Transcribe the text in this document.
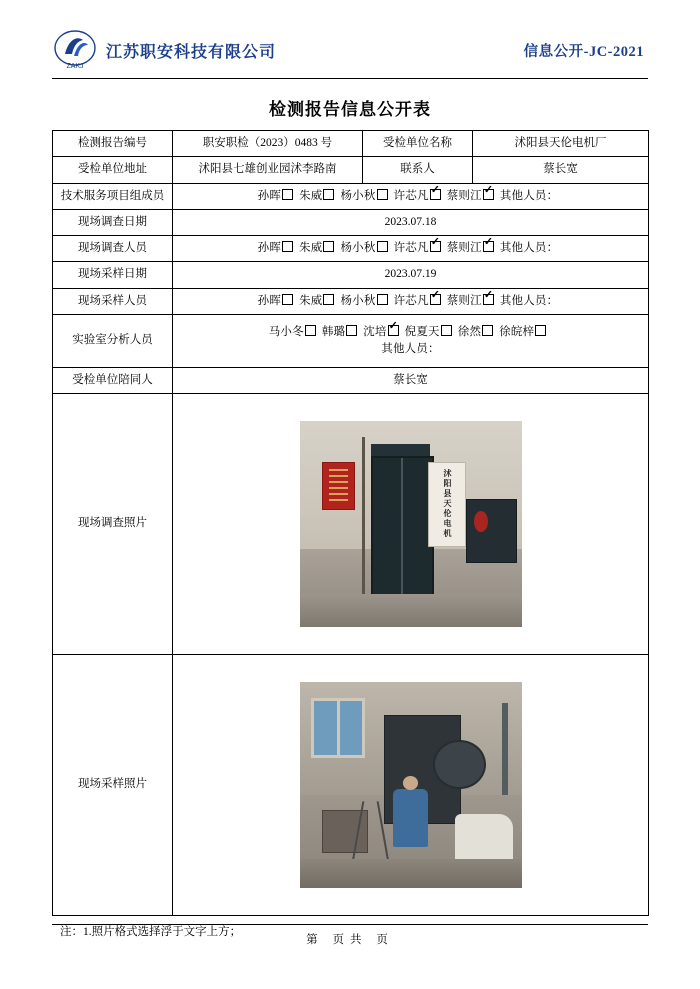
ZAKJ
江苏职安科技有限公司	信息公开-JC-2021
检测报告信息公开表
检测报告编号	职安职检（2023）0483 号	受检单位名称	沭阳县天伦电机厂
受检单位地址	沭阳县七雄创业园沭李路南	联系人	蔡长宽
技术服务项目组成员	孙晖 朱威 杨小秋 许芯凡 ✓ 蔡则江 ✓ 其他人员：
现场调查日期	2023.07.18		
现场调查人员	孙晖 朱威 杨小秋 许芯凡 ✓ 蔡则江 ✓ 其他人员：
现场采样日期	2023.07.19		
现场采样人员	孙晖 朱威 杨小秋 许芯凡 ✓ 蔡则江 ✓ 其他人员：
实验室分析人员	马小冬 韩璐 沈培 ✓ 倪夏天 徐然 徐皖梓
其他人员：

受检单位陪同人	蔡长宽		
现场调查照片	沭阳县天伦电机		

现场采样照片			
注：1.照片格式选择浮于文字上方；
第 页共 页
